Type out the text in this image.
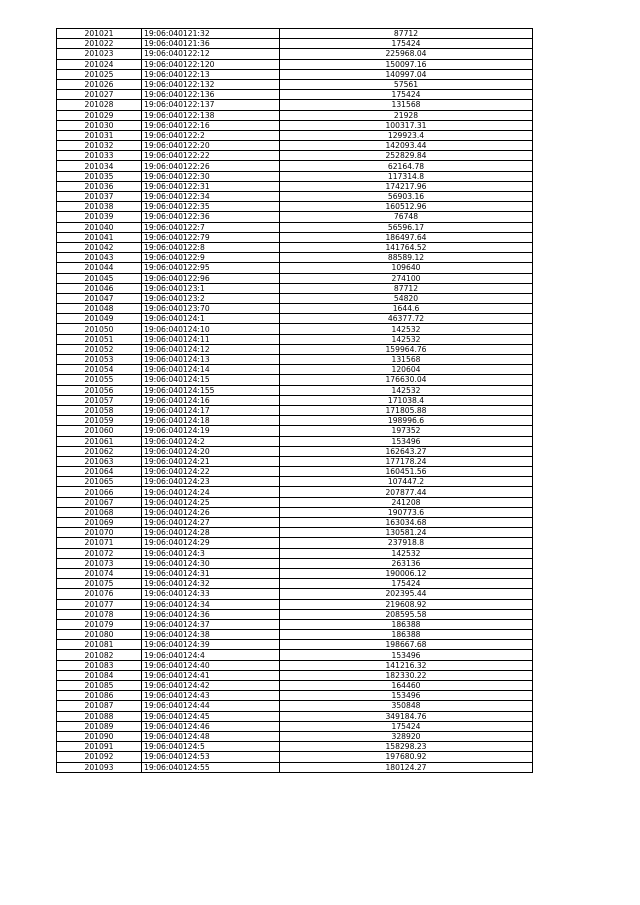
201021	19:06:040121:32	87712
201022	19:06:040121:36	175424
201023	19:06:040122:12	225968.04
201024	19:06:040122:120	150097.16
201025	19:06:040122:13	140997.04
201026	19:06:040122:132	57561
201027	19:06:040122:136	175424
201028	19:06:040122:137	131568
201029	19:06:040122:138	21928
201030	19:06:040122:16	100317.31
201031	19:06:040122:2	129923.4
201032	19:06:040122:20	142093.44
201033	19:06:040122:22	252829.84
201034	19:06:040122:26	62164.78
201035	19:06:040122:30	117314.8
201036	19:06:040122:31	174217.96
201037	19:06:040122:34	56903.16
201038	19:06:040122:35	160512.96
201039	19:06:040122:36	76748
201040	19:06:040122:7	56596.17
201041	19:06:040122:79	186497.64
201042	19:06:040122:8	141764.52
201043	19:06:040122:9	88589.12
201044	19:06:040122:95	109640
201045	19:06:040122:96	274100
201046	19:06:040123:1	87712
201047	19:06:040123:2	54820
201048	19:06:040123:70	1644.6
201049	19:06:040124:1	46377.72
201050	19:06:040124:10	142532
201051	19:06:040124:11	142532
201052	19:06:040124:12	159964.76
201053	19:06:040124:13	131568
201054	19:06:040124:14	120604
201055	19:06:040124:15	176630.04
201056	19:06:040124:155	142532
201057	19:06:040124:16	171038.4
201058	19:06:040124:17	171805.88
201059	19:06:040124:18	198996.6
201060	19:06:040124:19	197352
201061	19:06:040124:2	153496
201062	19:06:040124:20	162643.27
201063	19:06:040124:21	177178.24
201064	19:06:040124:22	160451.56
201065	19:06:040124:23	107447.2
201066	19:06:040124:24	207877.44
201067	19:06:040124:25	241208
201068	19:06:040124:26	190773.6
201069	19:06:040124:27	163034.68
201070	19:06:040124:28	130581.24
201071	19:06:040124:29	237918.8
201072	19:06:040124:3	142532
201073	19:06:040124:30	263136
201074	19:06:040124:31	190006.12
201075	19:06:040124:32	175424
201076	19:06:040124:33	202395.44
201077	19:06:040124:34	219608.92
201078	19:06:040124:36	208595.58
201079	19:06:040124:37	186388
201080	19:06:040124:38	186388
201081	19:06:040124:39	198667.68
201082	19:06:040124:4	153496
201083	19:06:040124:40	141216.32
201084	19:06:040124:41	182330.22
201085	19:06:040124:42	164460
201086	19:06:040124:43	153496
201087	19:06:040124:44	350848
201088	19:06:040124:45	349184.76
201089	19:06:040124:46	175424
201090	19:06:040124:48	328920
201091	19:06:040124:5	158298.23
201092	19:06:040124:53	197680.92
201093	19:06:040124:55	180124.27
